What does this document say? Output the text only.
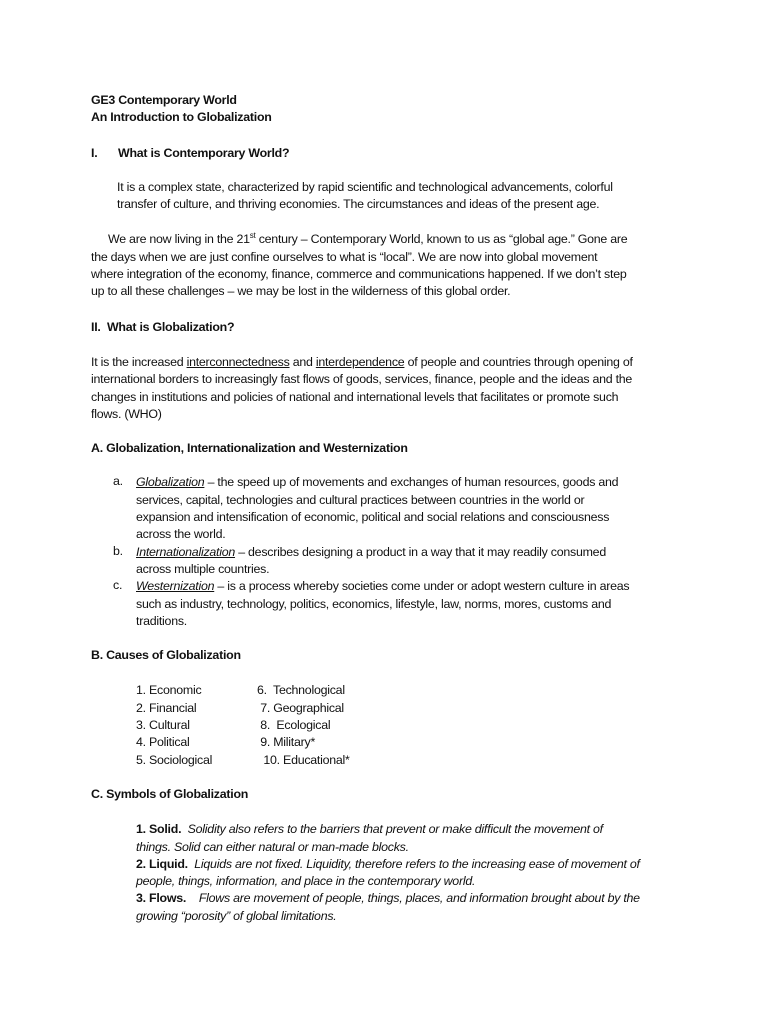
GE3 Contemporary World
An Introduction to Globalization
I. What is Contemporary World?
It is a complex state, characterized by rapid scientific and technological advancements, colorful
transfer of culture, and thriving economies. The circumstances and ideas of the present age.
We are now living in the 21st century – Contemporary World, known to us as “global age.” Gone are
the days when we are just confine ourselves to what is “local”. We are now into global movement
where integration of the economy, finance, commerce and communications happened. If we don’t step
up to all these challenges – we may be lost in the wilderness of this global order.
II. What is Globalization?
It is the increased interconnectedness and interdependence of people and countries through opening of
international borders to increasingly fast flows of goods, services, finance, people and the ideas and the
changes in institutions and policies of national and international levels that facilitates or promote such
flows. (WHO)
A. Globalization, Internationalization and Westernization
a. Globalization – the speed up of movements and exchanges of human resources, goods and
services, capital, technologies and cultural practices between countries in the world or
expansion and intensification of economic, political and social relations and consciousness
across the world.
b. Internationalization – describes designing a product in a way that it may readily consumed
across multiple countries.
c. Westernization – is a process whereby societies come under or adopt western culture in areas
such as industry, technology, politics, economics, lifestyle, law, norms, mores, customs and
traditions.
B. Causes of Globalization
1. Economic	6.  Technological
2. Financial	7. Geographical
3. Cultural	8.  Ecological
4. Political	9. Military*
5. Sociological	10. Educational*
C. Symbols of Globalization
1. Solid.  Solidity also refers to the barriers that prevent or make difficult the movement of
things. Solid can either natural or man-made blocks.
2. Liquid.  Liquids are not fixed. Liquidity, therefore refers to the increasing ease of movement of
people, things, information, and place in the contemporary world.
3. Flows.    Flows are movement of people, things, places, and information brought about by the
growing “porosity” of global limitations.
